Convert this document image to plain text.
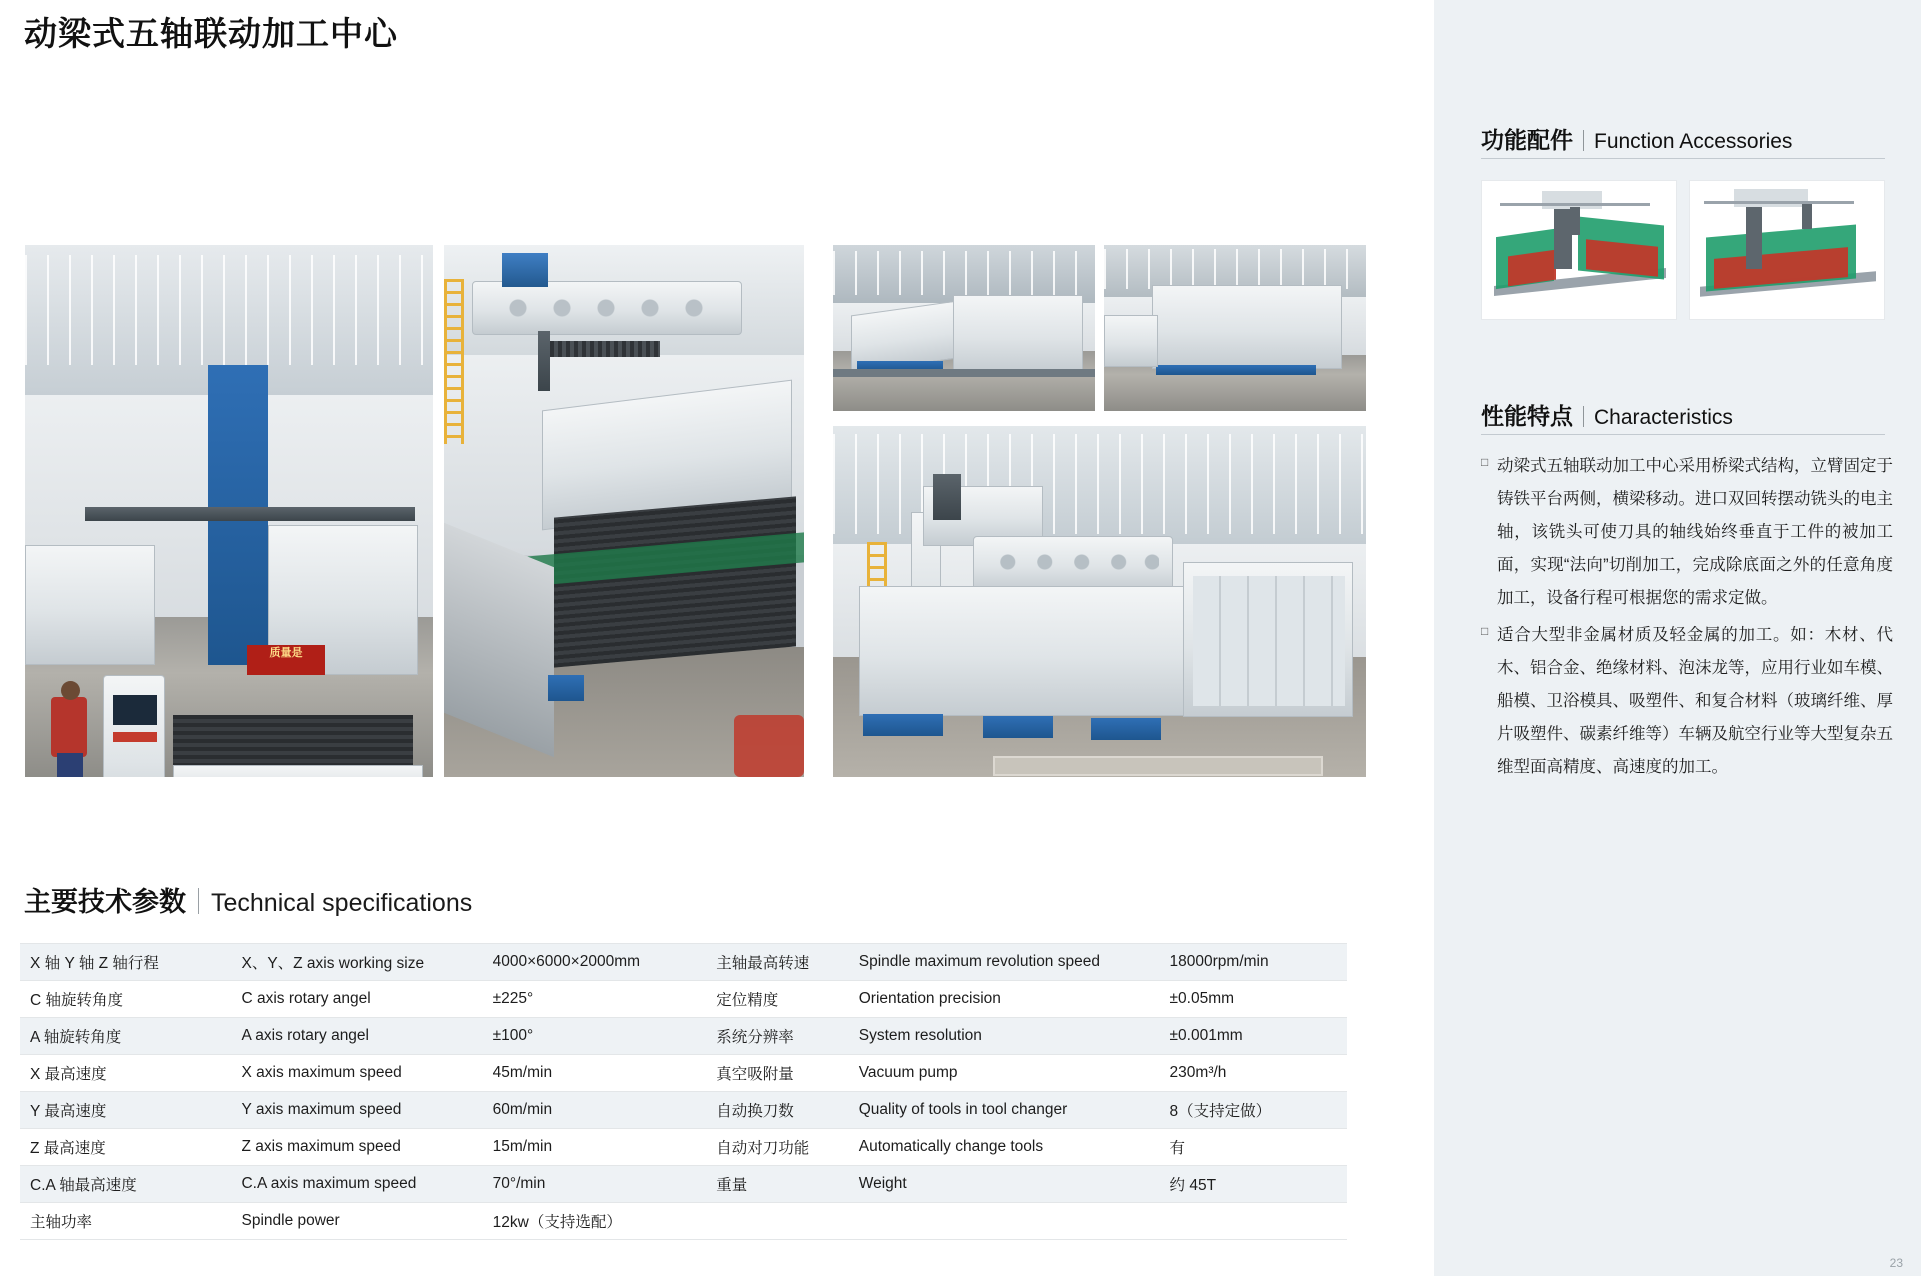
动梁式五轴联动加工中心
质量是
主要技术参数 Technical specifications
X 轴 Y 轴 Z 轴行程	X、Y、Z axis working size	4000×6000×2000mm	主轴最高转速	Spindle maximum revolution speed	18000rpm/min
C 轴旋转角度	C axis rotary angel	±225°	定位精度	Orientation precision	±0.05mm
A 轴旋转角度	A axis rotary angel	±100°	系统分辨率	System resolution	±0.001mm
X 最高速度	X axis maximum speed	45m/min	真空吸附量	Vacuum pump	230m³/h
Y 最高速度	Y axis maximum speed	60m/min	自动换刀数	Quality of tools in tool changer	8（支持定做）
Z 最高速度	Z axis maximum speed	15m/min	自动对刀功能	Automatically change tools	有
C.A 轴最高速度	C.A axis maximum speed	70°/min	重量	Weight	约 45T
主轴功率	Spindle power	12kw（支持选配）			
功能配件 Function Accessories
性能特点 Characteristics
□ 动梁式五轴联动加工中心采用桥梁式结构，立臂固定于铸铁平台两侧，横梁移动。进口双回转摆动铣头的电主轴，该铣头可使刀具的轴线始终垂直于工件的被加工面，实现“法向”切削加工，完成除底面之外的任意角度加工，设备行程可根据您的需求定做。
□ 适合大型非金属材质及轻金属的加工。如：木材、代木、铝合金、绝缘材料、泡沫龙等，应用行业如车模、船模、卫浴模具、吸塑件、和复合材料（玻璃纤维、厚片吸塑件、碳素纤维等）车辆及航空行业等大型复杂五维型面高精度、高速度的加工。
23
